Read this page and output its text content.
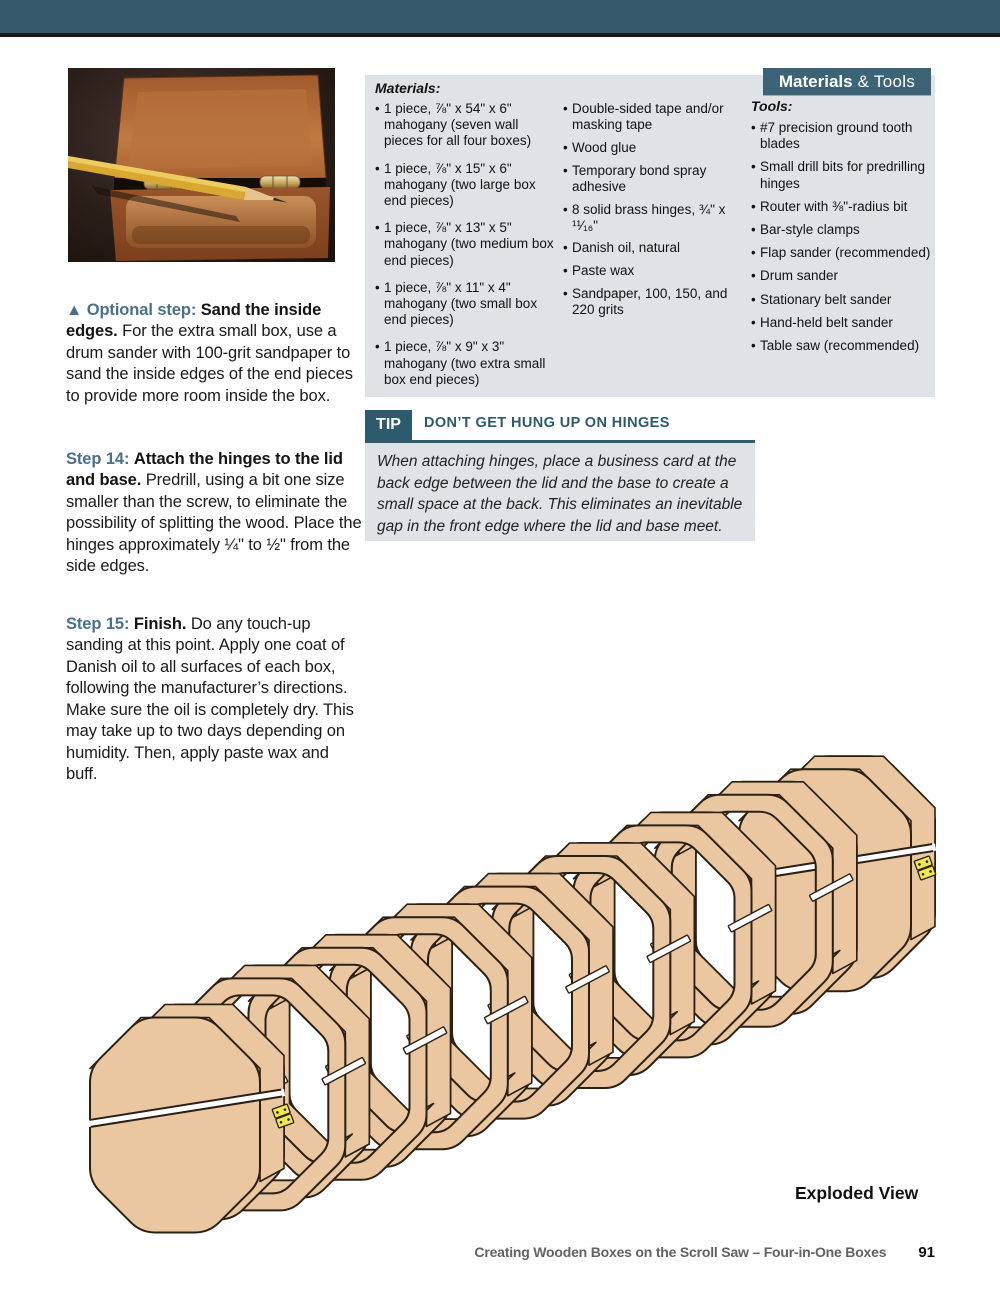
▲ Optional step: Sand the inside edges. For the extra small box, use a drum sander with 100-grit sandpaper to sand the inside edges of the end pieces to provide more room inside the box.

Step 14: Attach the hinges to the lid and base. Predrill, using a bit one size smaller than the screw, to eliminate the possibility of splitting the wood. Place the hinges approximately ¼" to ½" from the side edges.

Step 15: Finish. Do any touch-up sanding at this point. Apply one coat of Danish oil to all surfaces of each box, following the manufacturer’s directions. Make sure the oil is completely dry. This may take up to two days depending on humidity. Then, apply paste wax and buff.

Materials & Tools
Materials:
• 1 piece, ⅞" x 54" x 6" mahogany (seven wall pieces for all four boxes)
• 1 piece, ⅞" x 15" x 6" mahogany (two large box end pieces)
• 1 piece, ⅞" x 13" x 5" mahogany (two medium box end pieces)
• 1 piece, ⅞" x 11" x 4" mahogany (two small box end pieces)
• 1 piece, ⅞" x 9" x 3" mahogany (two extra small box end pieces)
• Double-sided tape and/or masking tape
• Wood glue
• Temporary bond spray adhesive
• 8 solid brass hinges, ¾" x ¹¹⁄₁₆"
• Danish oil, natural
• Paste wax
• Sandpaper, 100, 150, and 220 grits
Tools:
• #7 precision ground tooth blades
• Small drill bits for predrilling hinges
• Router with ⅜"-radius bit
• Bar-style clamps
• Flap sander (recommended)
• Drum sander
• Stationary belt sander
• Hand-held belt sander
• Table saw (recommended)
TIP	DON’T GET HUNG UP ON HINGES
When attaching hinges, place a business card at the back edge between the lid and the base to create a small space at the back. This eliminates an inevitable gap in the front edge where the lid and base meet.
Exploded View
Creating Wooden Boxes on the Scroll Saw – Four-in-One Boxes 91
